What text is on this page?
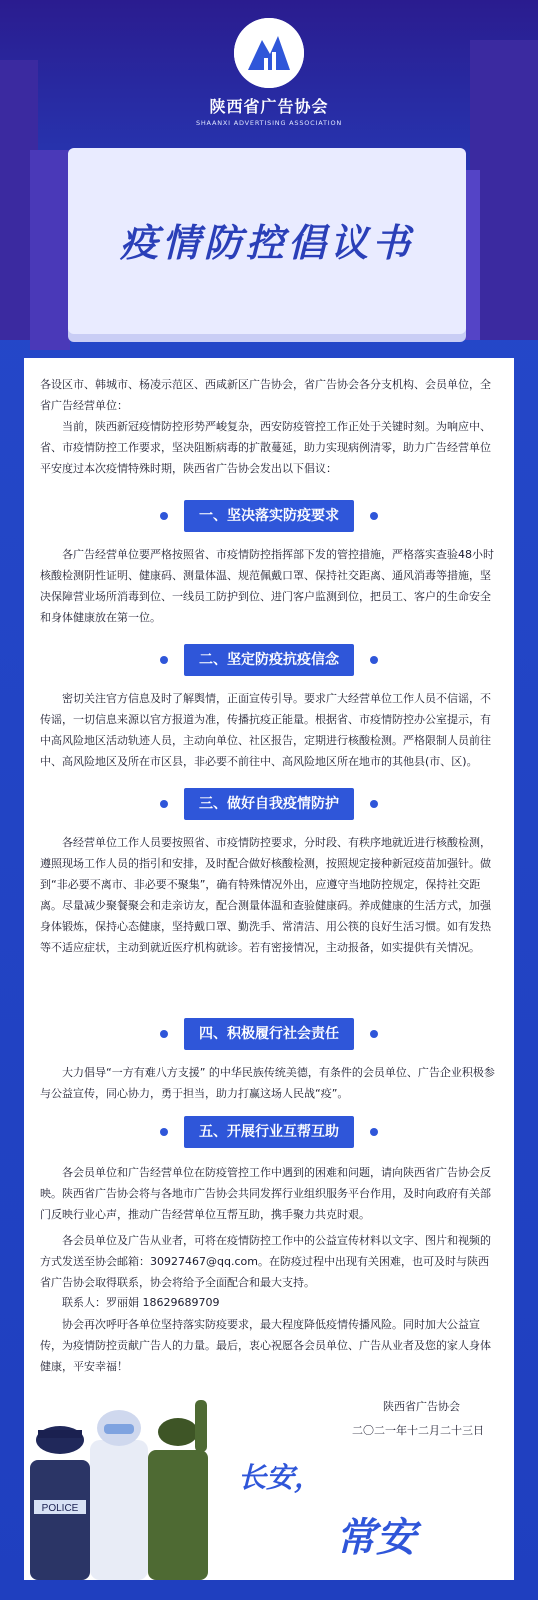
陕西省广告协会
SHAANXI ADVERTISING ASSOCIATION
疫情防控倡议书

各设区市、韩城市、杨凌示范区、西咸新区广告协会，省广告协会各分支机构、会员单位，全省广告经营单位：

当前，陕西新冠疫情防控形势严峻复杂，西安防疫管控工作正处于关键时刻。为响应中、省、市疫情防控工作要求，坚决阻断病毒的扩散蔓延，助力实现病例清零，助力广告经营单位平安度过本次疫情特殊时期，陕西省广告协会发出以下倡议：

一、坚决落实防疫要求

各广告经营单位要严格按照省、市疫情防控指挥部下发的管控措施，严格落实查验48小时核酸检测阴性证明、健康码、测量体温、规范佩戴口罩、保持社交距离、通风消毒等措施，坚决保障营业场所消毒到位、一线员工防护到位、进门客户监测到位，把员工、客户的生命安全和身体健康放在第一位。

二、坚定防疫抗疫信念

密切关注官方信息及时了解舆情，正面宣传引导。要求广大经营单位工作人员不信谣，不传谣，一切信息来源以官方报道为准，传播抗疫正能量。根据省、市疫情防控办公室提示，有中高风险地区活动轨迹人员，主动向单位、社区报告，定期进行核酸检测。严格限制人员前往中、高风险地区及所在市区县，非必要不前往中、高风险地区所在地市的其他县(市、区)。

三、做好自我疫情防护

各经营单位工作人员要按照省、市疫情防控要求，分时段、有秩序地就近进行核酸检测，遵照现场工作人员的指引和安排，及时配合做好核酸检测，按照规定接种新冠疫苗加强针。做到“非必要不离市、非必要不聚集”，确有特殊情况外出，应遵守当地防控规定，保持社交距离。尽量减少聚餐聚会和走亲访友，配合测量体温和查验健康码。养成健康的生活方式，加强身体锻炼，保持心态健康，坚持戴口罩、勤洗手、常清洁、用公筷的良好生活习惯。如有发热等不适应症状，主动到就近医疗机构就诊。若有密接情况，主动报备，如实提供有关情况。

四、积极履行社会责任

大力倡导“一方有难八方支援” 的中华民族传统美德，有条件的会员单位、广告企业积极参与公益宣传，同心协力，勇于担当，助力打赢这场人民战“疫”。

五、开展行业互帮互助

各会员单位和广告经营单位在防疫管控工作中遇到的困难和问题，请向陕西省广告协会反映。陕西省广告协会将与各地市广告协会共同发挥行业组织服务平台作用，及时向政府有关部门反映行业心声，推动广告经营单位互帮互助，携手聚力共克时艰。

各会员单位及广告从业者，可将在疫情防控工作中的公益宣传材料以文字、图片和视频的方式发送至协会邮箱：30927467@qq.com。在防疫过程中出现有关困难，也可及时与陕西省广告协会取得联系，协会将给予全面配合和最大支持。

联系人：罗丽娟 18629689709

协会再次呼吁各单位坚持落实防疫要求，最大程度降低疫情传播风险。同时加大公益宣传，为疫情防控贡献广告人的力量。最后，衷心祝愿各会员单位、广告从业者及您的家人身体健康，平安幸福！

陕西省广告协会
二〇二一年十二月二十三日
POLICE
长安，
常安
